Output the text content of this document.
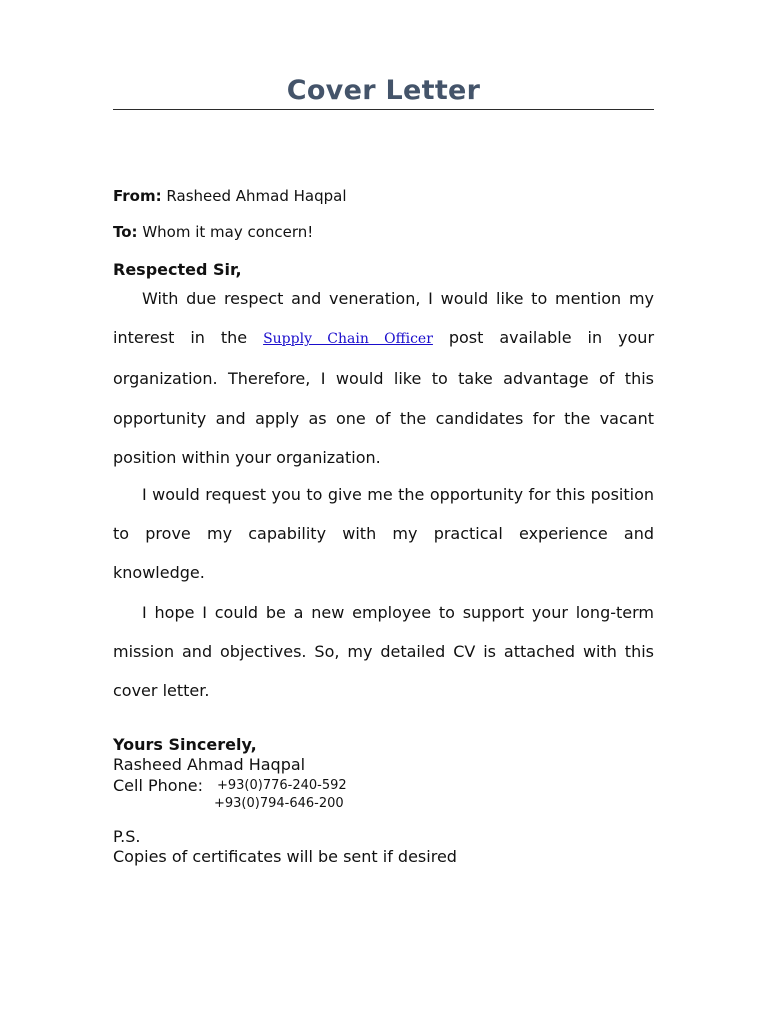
Cover Letter
From: Rasheed Ahmad Haqpal
To: Whom it may concern!
Respected Sir,

With due respect and veneration, I would like to mention my interest in the Supply Chain Officer post available in your organization. Therefore, I would like to take advantage of this opportunity and apply as one of the candidates for the vacant position within your organization.

I would request you to give me the opportunity for this position to prove my capability with my practical experience and knowledge.

I hope I could be a new employee to support your long-term mission and objectives. So, my detailed CV is attached with this cover letter.

Yours Sincerely,
Rasheed Ahmad Haqpal
Cell Phone: +93(0)776-240-592
+93(0)794-646-200
P.S.
Copies of certificates will be sent if desired
